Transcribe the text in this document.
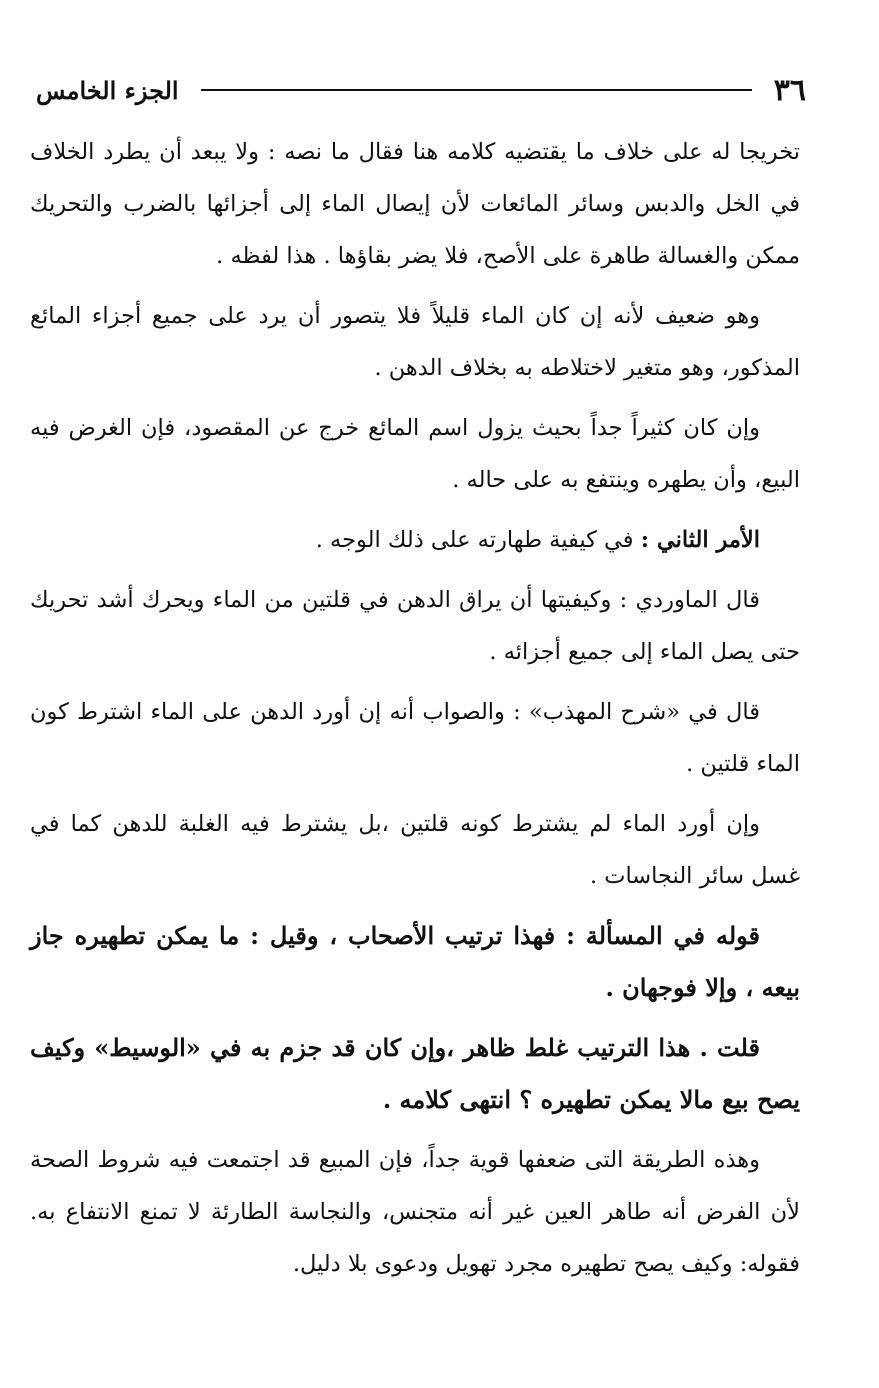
٣٦
الجزء الخامس

تخريجا له على خلاف ما يقتضيه كلامه هنا فقال ما نصه : ولا يبعد أن يطرد الخلاف في الخل والدبس وسائر المائعات لأن إيصال الماء إلى أجزائها بالضرب والتحريك ممكن والغسالة طاهرة على الأصح، فلا يضر بقاؤها . هذا لفظه .

وهو ضعيف لأنه إن كان الماء قليلاً فلا يتصور أن يرد على جميع أجزاء المائع المذكور، وهو متغير لاختلاطه به بخلاف الدهن .

وإن كان كثيراً جداً بحيث يزول اسم المائع خرج عن المقصود، فإن الغرض فيه البيع، وأن يطهره وينتفع به على حاله .

الأمر الثاني : في كيفية طهارته على ذلك الوجه .

قال الماوردي : وكيفيتها أن يراق الدهن في قلتين من الماء ويحرك أشد تحريك حتى يصل الماء إلى جميع أجزائه .

قال في «شرح المهذب» : والصواب أنه إن أورد الدهن على الماء اشترط كون الماء قلتين .

وإن أورد الماء لم يشترط كونه قلتين ،بل يشترط فيه الغلبة للدهن كما في غسل سائر النجاسات .

قوله في المسألة : فهذا ترتيب الأصحاب ، وقيل : ما يمكن تطهيره جاز بيعه ، وإلا فوجهان .

قلت . هذا الترتيب غلط ظاهر ،وإن كان قد جزم به في «الوسيط» وكيف يصح بيع مالا يمكن تطهيره ؟ انتهى كلامه .

وهذه الطريقة التى ضعفها قوية جداً، فإن المبيع قد اجتمعت فيه شروط الصحة لأن الفرض أنه طاهر العين غير أنه متجنس، والنجاسة الطارئة لا تمنع الانتفاع به. فقوله: وكيف يصح تطهيره مجرد تهويل ودعوى بلا دليل.
